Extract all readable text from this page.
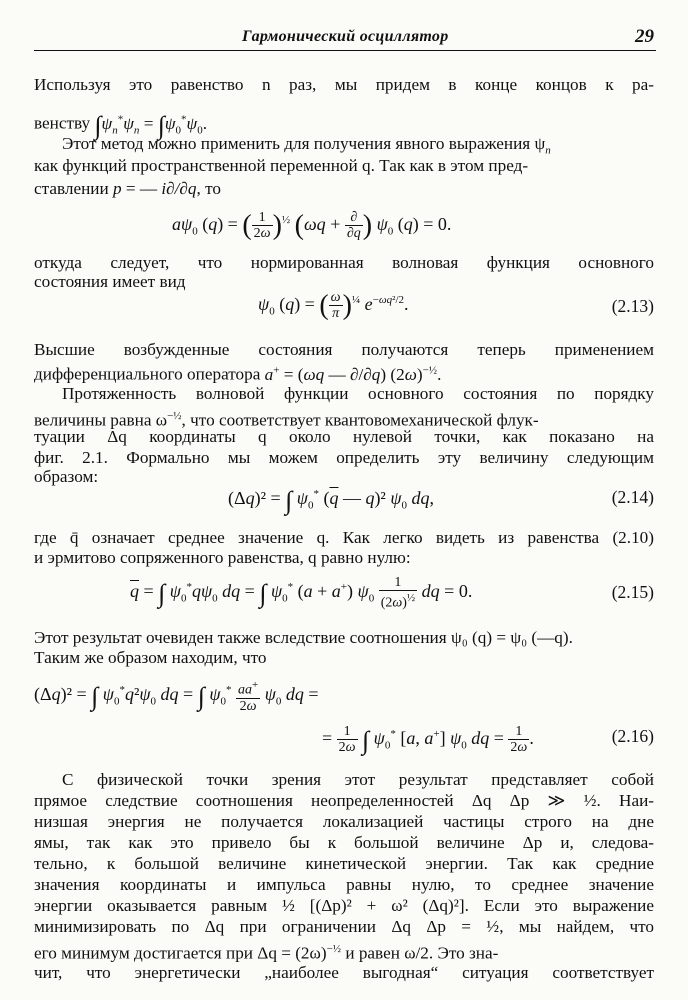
Гармонический осциллятор	29
Используя это равенство n раз, мы придем в конце концов к ра-
венству $\int\psi_n^*\psi_n = \int\psi_0^*\psi_0$.
Этот метод можно применить для получения явного выражения $\psi_n$
как функций пространственной переменной q. Так как в этом пред-
ставлении p = — i∂/∂q, то
$a\psi_0$ (q) = ( $\frac{1}{2\omega} )^{\frac{1}{2}}$ (ωq + ∂
∂q ) $\psi_0$ (q) = 0.
откуда следует, что нормированная волновая функция основного
состояния имеет вид
$\psi_0$ (q) = ( $\frac{\omega}{\pi} )^{\frac{1}{4}}$ $e^{-\omega q^2/2}$.	(2.13)
Высшие возбужденные состояния получаются теперь применением
дифференциального оператора a+ = (ωq — ∂/∂q) $(2\omega)^{-\frac{1}{2}}$.
Протяженность волновой функции основного состояния по порядку
величины равна $\omega^{-\frac{1}{2}}$, что соответствует квантовомеханической флук-
туации Δq координаты q около нулевой точки, как показано на
фиг. 2.1. Формально мы можем определить эту величину следующим
образом:
(Δq)² = ∫ $\psi_0^*$ ($\overline{q}$ — q)² $\psi_0$ dq,	(2.14)
где q̄ означает среднее значение q. Как легко видеть из равенства (2.10)
и эрмитово сопряженного равенства, q равно нулю:
$\overline{q}$ = ∫ $\psi_0^*q\psi_0$ dq = ∫ $\psi_0^*$ (a + a+) $\psi_0 \frac{1}{(2\omega)^{\frac{1}{2}}}$ dq = 0.	(2.15)
Этот результат очевиден также вследствие соотношения ψ₀ (q) = ψ₀ (—q).
Таким же образом находим, что
(Δq)² = ∫ $\psi_0^*q^2\psi_0$ dq = ∫ $\psi_0^* \frac{aa^+}{2\omega} \psi_0$ dq =
= $\frac{1}{2\omega}$ ∫ $\psi_0^*$ [a, a+] $\psi_0$ dq = $\frac{1}{2\omega}$ .	(2.16)
С физической точки зрения этот результат представляет собой
прямое следствие соотношения неопределенностей Δq Δp ≫ ½. Наи-
низшая энергия не получается локализацией частицы строго на дне
ямы, так как это привело бы к большой величине Δp и, следова-
тельно, к большой величине кинетической энергии. Так как средние
значения координаты и импульса равны нулю, то среднее значение
энергии оказывается равным ½ [(Δp)² + ω² (Δq)²]. Если это выражение
минимизировать по Δq при ограничении Δq Δp = ½, мы найдем, что
его минимум достигается при $\Delta q = (2\omega)^{-\frac{1}{2}}$ и равен ω/2. Это зна-
чит, что энергетически „наиболее выгодная“ ситуация соответствует
